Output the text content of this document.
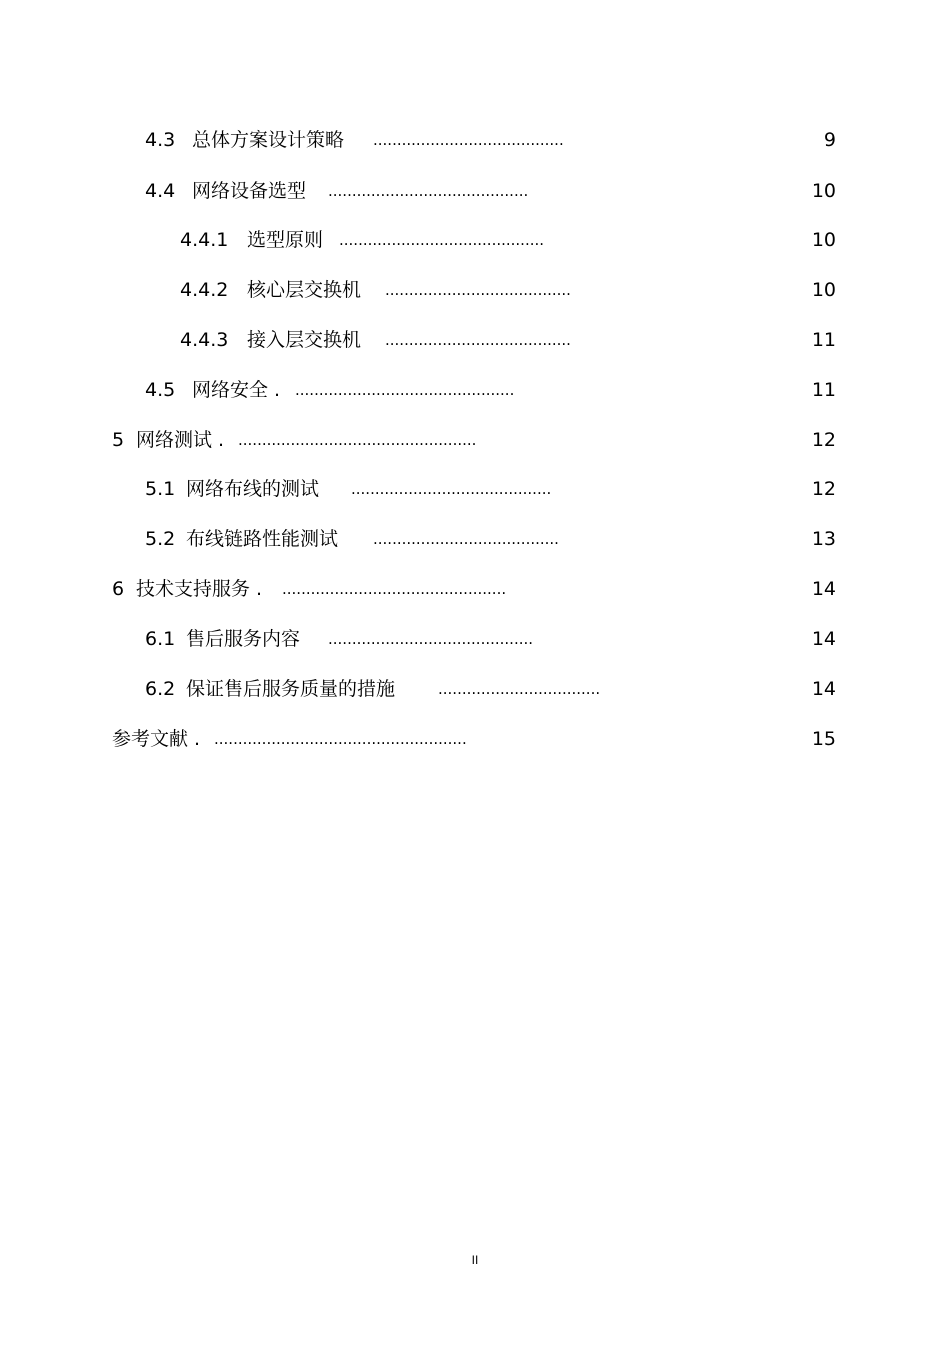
4.3 总体方案设计策略 ........................................	9
4.4 网络设备选型 ..........................................	10
4.4.1 选型原则 ...........................................	10
4.4.2 核心层交换机 .......................................	10
4.4.3 接入层交换机 .......................................	11
4.5 网络安全 . ..............................................	11
5 网络测试 . ..................................................	12
5.1 网络布线的测试 ..........................................	12
5.2 布线链路性能测试 .......................................	13
6 技术支持服务 . ...............................................	14
6.1 售后服务内容 ...........................................	14
6.2 保证售后服务质量的措施	..................................	14
参考文献 . .....................................................	15
II
